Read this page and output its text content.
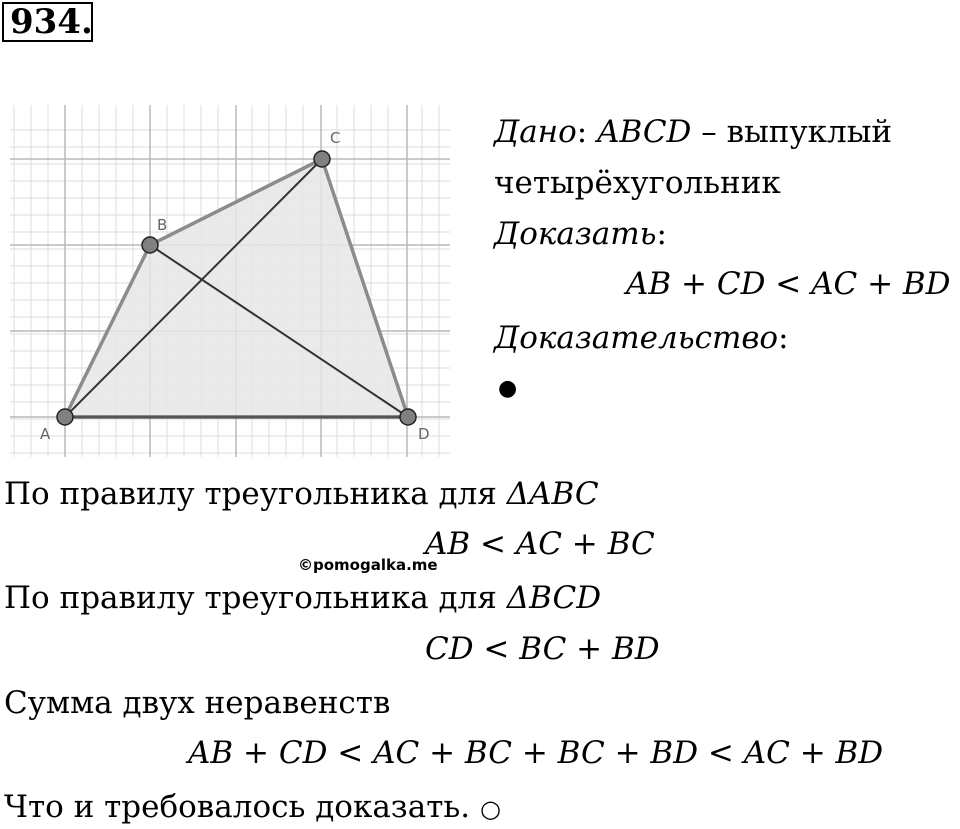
934.
A
B
C
D
Дано: ABCD – выпуклый
четырёхугольник
Доказать:
AB + CD < AC + BD
Доказательство:
●
По правилу треугольника для ΔABC
AB < AC + BC
©pomogalka.me
По правилу треугольника для ΔBCD
CD < BC + BD
Сумма двух неравенств
AB + CD < AC + BC + BC + BD < AC + BD
Что и требовалось доказать. ○
